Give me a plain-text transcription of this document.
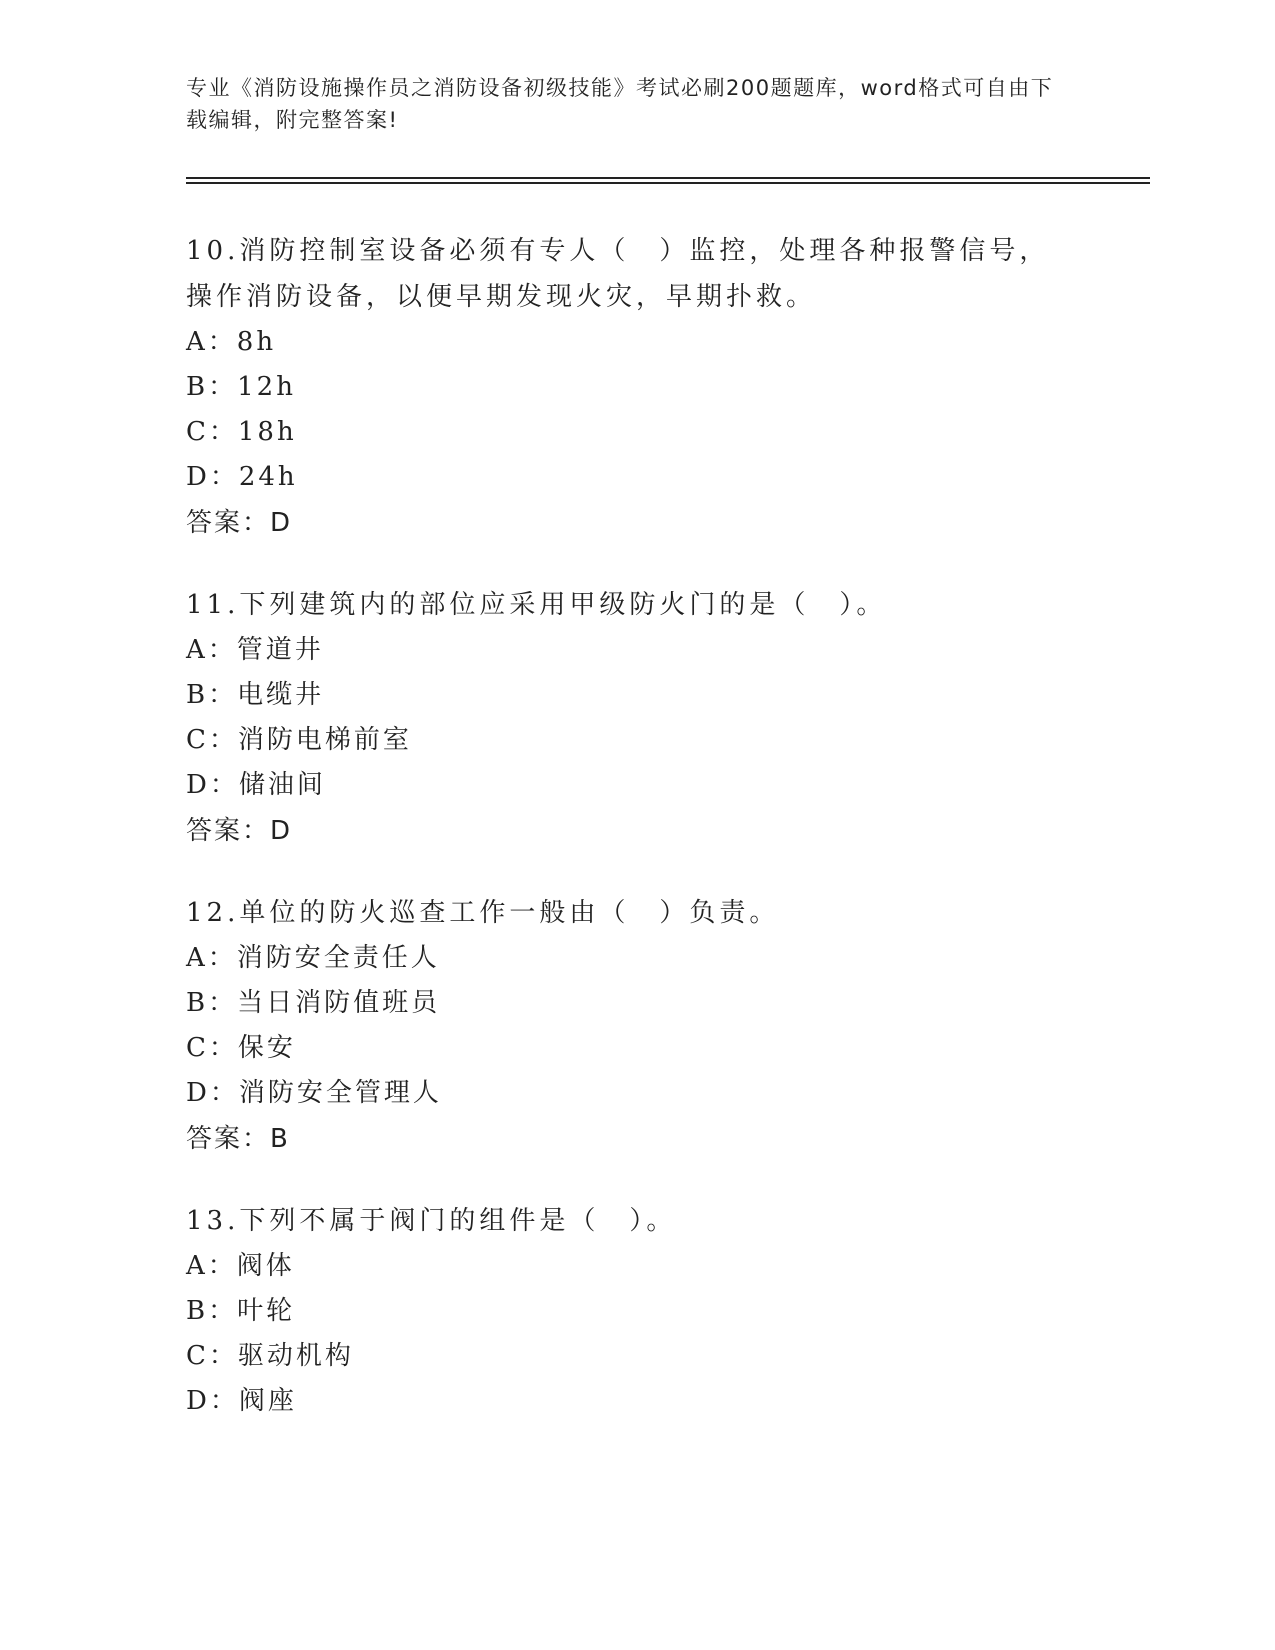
专业《消防设施操作员之消防设备初级技能》考试必刷200题题库，word格式可自由下载编辑，附完整答案!

10.消防控制室设备必须有专人（　）监控，处理各种报警信号，操作消防设备，以便早期发现火灾，早期扑救。

A：8h

B：12h

C：18h

D：24h

答案：D

11.下列建筑内的部位应采用甲级防火门的是（　）。

A：管道井

B：电缆井

C：消防电梯前室

D：储油间

答案：D

12.单位的防火巡查工作一般由（　）负责。

A：消防安全责任人

B：当日消防值班员

C：保安

D：消防安全管理人

答案：B

13.下列不属于阀门的组件是（　）。

A：阀体

B：叶轮

C：驱动机构

D：阀座
